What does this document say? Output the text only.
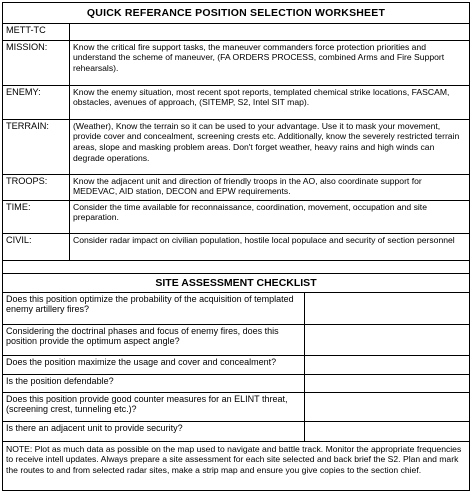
QUICK REFERANCE POSITION SELECTION WORKSHEET
METT-TC	
MISSION:	Know the critical fire support tasks, the maneuver commanders force protection priorities and understand the scheme of maneuver, (FA ORDERS PROCESS, combined Arms and Fire Support rehearsals).
ENEMY:	Know the enemy situation, most recent spot reports, templated chemical strike locations, FASCAM, obstacles, avenues of approach, (SITEMP, S2, Intel SIT map).
TERRAIN:	(Weather), Know the terrain so it can be used to your advantage. Use it to mask your movement, provide cover and concealment, screening crests etc. Additionally, know the severely restricted terrain areas, slope and masking problem areas. Don't forget weather, heavy rains and high winds can degrade operations.

TROOPS:	Know the adjacent unit and direction of friendly troops in the AO, also coordinate support for MEDEVAC, AID station, DECON and EPW requirements.
TIME:	Consider the time available for reconnaissance, coordination, movement, occupation and site preparation.
CIVIL:	Consider radar impact on civilian population, hostile local populace and security of section personnel
SITE ASSESSMENT CHECKLIST
Does this position optimize the probability of the acquisition of templated enemy artillery fires?
Considering the doctrinal phases and focus of enemy fires, does this position provide the optimum aspect angle?
Does the position maximize the usage and cover and concealment?
Is the position defendable?
Does this position provide good counter measures for an ELINT threat, (screening crest, tunneling etc.)?
Is there an adjacent unit to provide security?
NOTE: Plot as much data as possible on the map used to navigate and battle track. Monitor the appropriate frequencies to receive intell updates. Always prepare a site assessment for each site selected and back brief the S2. Plan and mark the routes to and from selected radar sites, make a strip map and ensure you give copies to the section chief.
